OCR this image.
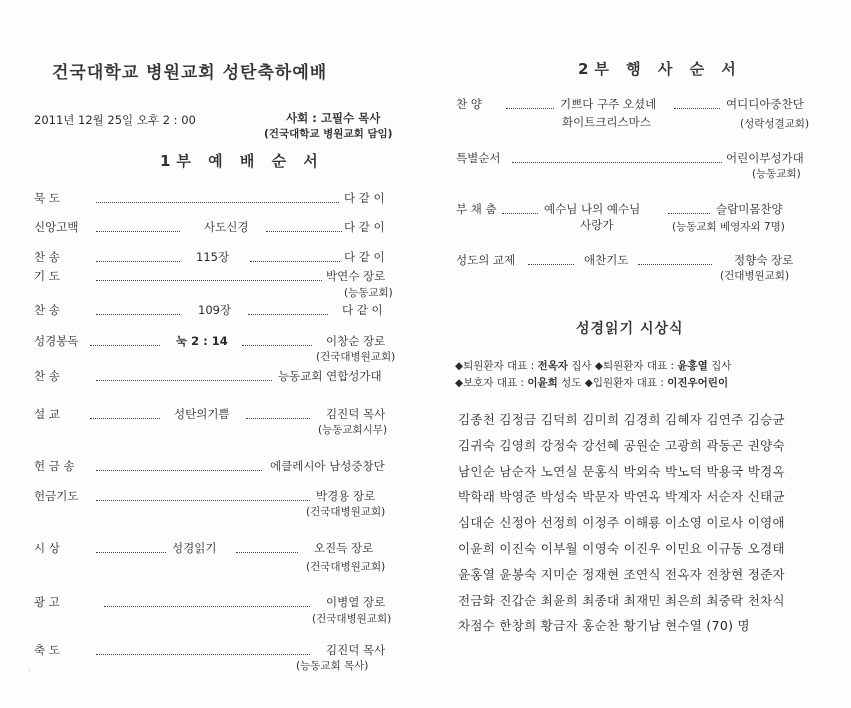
건국대학교 병원교회 성탄축하예배
2011년 12월 25일 오후 2 : 00	사회 : 고필수 목사
(건국대학교 병원교회 담임)
1부 예 배 순 서
묵 도	다 같 이
신앙고백	사도신경	다 같 이
찬 송	115장	다 같 이
기 도	박연수 장로
(능동교회)
찬 송	109장	다 같 이
성경봉독	눅 2 : 14	이창순 장로
(건국대병원교회)
찬 송	능동교회 연합성가대
설 교	성탄의기쁨	김진덕 목사
(능동교회시무)
헌 금 송	에클레시아 남성중창단
헌금기도	박경용 장로
(건국대병원교회)
시 상	성경읽기	오진득 장로
(건국대병원교회)
광 고	이병열 장로
(건국대병원교회)
축 도	김진덕 목사
(능동교회 목사)
·
2부 행 사 순 서
찬 양	기쁘다 구주 오셨네	여디디아중찬단
화이트크리스마스	(성락성결교회)
특별순서	어린이부성가대
(능동교회)
부 채 춤	예수님 나의 예수님	슬람미몸찬양
사랑가	(능동교회 베영자외 7명)
성도의 교제	애찬기도	정향숙 장로
(건대병원교회)
성경읽기 시상식
◆퇴원환자 대표 : 전옥자 집사 ◆퇴원환자 대표 : 윤홍열 집사
◆보호자 대표 : 이윤희 성도 ◆입원환자 대표 : 이진우어린이
김종천 김정금 김덕희 김미희 김경희 김혜자 김연주 김승균
김귀숙 김영희 강정숙 강선혜 공원순 고광희 곽동곤 권양숙
남인순 남순자 노연실 문홍식 박외숙 박노덕 박용국 박경옥
박학래 박영준 박성숙 박문자 박연옥 박계자 서순자 신태균
심대순 신정아 선정희 이정주 이해룡 이소영 이로사 이영애
이윤희 이진숙 이부월 이영숙 이진우 이민요 이규동 오경태
윤홍열 윤봉숙 지미순 정재현 조연식 전옥자 전창현 정준자
전금화 진갑순 최윤희 최종대 최재민 최은희 최중락 천차식
차점수 한창희 황금자 홍순찬 황기남 현수열 (70) 명
